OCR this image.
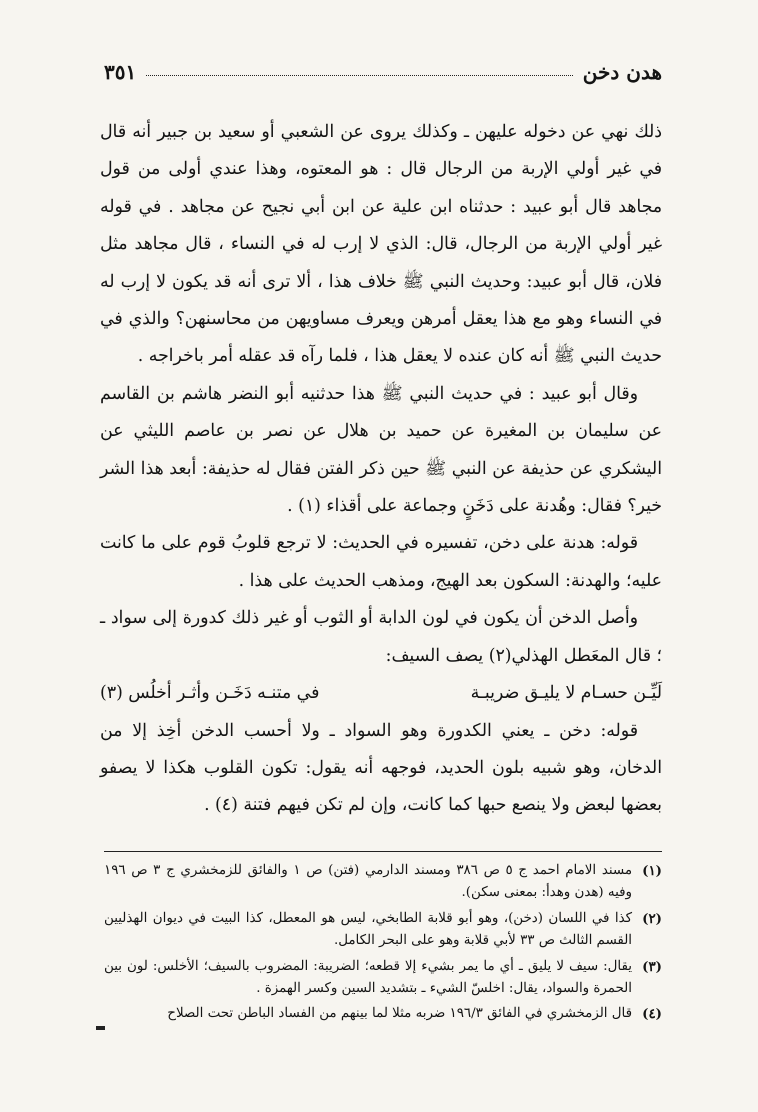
هدن دخن
٣٥١

ذلك نهي عن دخوله عليهن ـ وكذلك يروى عن الشعبي أو سعيد بن جبير أنه قال في غير أولي الإربة من الرجال قال : هو المعتوه، وهذا عندي أولى من قول مجاهد قال أبو عبيد : حدثناه ابن علية عن ابن أبي نجيح عن مجاهد . في قوله غير أولي الإربة من الرجال، قال: الذي لا إرب له في النساء ، قال مجاهد مثل فلان، قال أبو عبيد: وحديث النبي ﷺ خلاف هذا ، ألا ترى أنه قد يكون لا إرب له في النساء وهو مع هذا يعقل أمرهن ويعرف مساويهن من محاسنهن؟ والذي في حديث النبي ﷺ أنه كان عنده لا يعقل هذا ، فلما رآه قد عقله أمر باخراجه .

وقال أبو عبيد : في حديث النبي ﷺ هذا حدثنيه أبو النضر هاشم بن القاسم عن سليمان بن المغيرة عن حميد بن هلال عن نصر بن عاصم الليثي عن اليشكري عن حذيفة عن النبي ﷺ حين ذكر الفتن فقال له حذيفة: أبعد هذا الشر خير؟ فقال: وهُدنة على دَخَنٍ وجماعة على أقذاء (١) .

قوله: هدنة على دخن، تفسيره في الحديث: لا ترجع قلوبُ قوم على ما كانت عليه؛ والهدنة: السكون بعد الهيج، ومذهب الحديث على هذا .

وأصل الدخن أن يكون في لون الدابة أو الثوب أو غير ذلك كدورة إلى سواد ـ ؛ قال المعَطل الهذلي(٢) يصف السيف:

لَيِّـن حسـام لا يليـق ضريبـة
في متنـه دَخَـن وأثـر أخلُس (٣)

قوله: دخن ـ يعني الكدورة وهو السواد ـ ولا أحسب الدخن أخِذ إلا من الدخان، وهو شبيه بلون الحديد، فوجهه أنه يقول: تكون القلوب هكذا لا يصفو بعضها لبعض ولا ينصع حبها كما كانت، وإن لم تكن فيهم فتنة (٤) .

(١)
مسند الامام احمد ج ٥ ص ٣٨٦ ومسند الدارمي (فتن) ص ١ والفائق للزمخشري ج ٣ ص ١٩٦ وفيه (هدن وهدأ: بمعنى سكن).
(٢)
كذا في اللسان (دخن)، وهو أبو قلابة الطابخي، ليس هو المعطل، كذا البيت في ديوان الهذليين القسم الثالث ص ٣٣ لأبي قلابة وهو على البحر الكامل.
(٣)
يقال: سيف لا يليق ـ أي ما يمر بشيء إلا قطعه؛ الضريبة: المضروب بالسيف؛ الأخلس: لون بين الحمرة والسواد، يقال: اخلسّ الشيء ـ بتشديد السين وكسر الهمزة .
(٤)
قال الزمخشري في الفائق ١٩٦/٣ ضربه مثلا لما بينهم من الفساد الباطن تحت الصلاح
